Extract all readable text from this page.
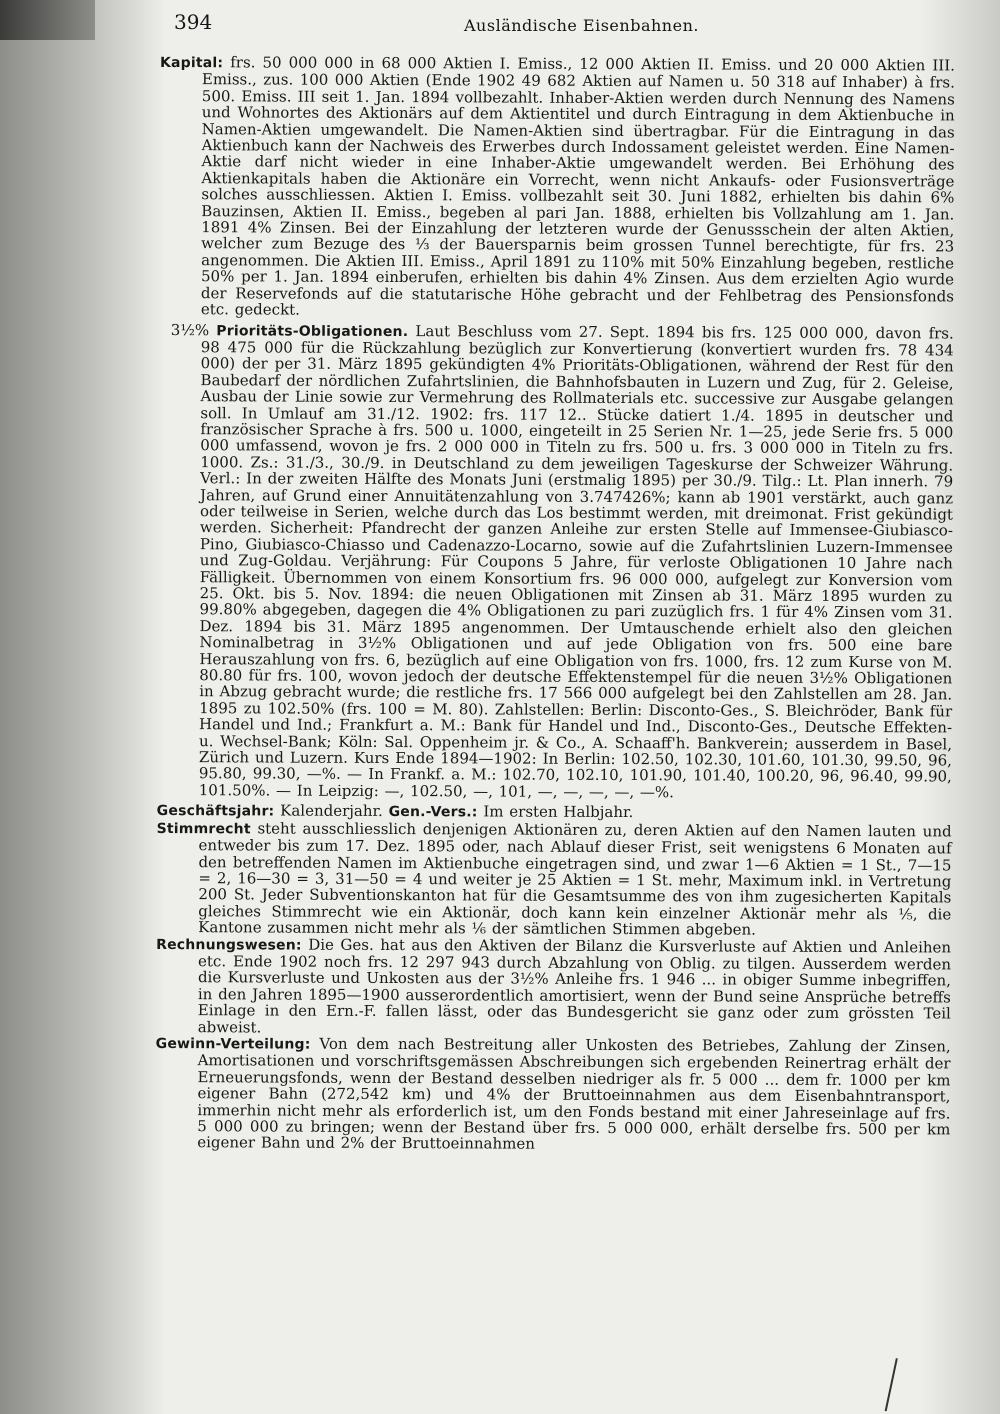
394	Ausländische Eisenbahnen.

Kapital: frs. 50 000 000 in 68 000 Aktien I. Emiss., 12 000 Aktien II. Emiss. und 20 000 Aktien III. Emiss., zus. 100 000 Aktien (Ende 1902 49 682 Aktien auf Namen u. 50 318 auf Inhaber) à frs. 500. Emiss. III seit 1. Jan. 1894 vollbezahlt. Inhaber-Aktien werden durch Nennung des Namens und Wohnortes des Aktionärs auf dem Aktientitel und durch Eintragung in dem Aktienbuche in Namen-Aktien umgewandelt. Die Namen-Aktien sind übertragbar. Für die Eintragung in das Aktienbuch kann der Nachweis des Erwerbes durch Indossament geleistet werden. Eine Namen-Aktie darf nicht wieder in eine Inhaber-Aktie umgewandelt werden. Bei Erhöhung des Aktienkapitals haben die Aktionäre ein Vorrecht, wenn nicht Ankaufs- oder Fusionsverträge solches ausschliessen. Aktien I. Emiss. vollbezahlt seit 30. Juni 1882, erhielten bis dahin 6% Bauzinsen, Aktien II. Emiss., begeben al pari Jan. 1888, erhielten bis Vollzahlung am 1. Jan. 1891 4% Zinsen. Bei der Einzahlung der letzteren wurde der Genussschein der alten Aktien, welcher zum Bezuge des ⅓ der Bauersparnis beim grossen Tunnel berechtigte, für frs. 23 angenommen. Die Aktien III. Emiss., April 1891 zu 110% mit 50% Einzahlung begeben, restliche 50% per 1. Jan. 1894 einberufen, erhielten bis dahin 4% Zinsen. Aus dem erzielten Agio wurde der Reservefonds auf die statutarische Höhe gebracht und der Fehlbetrag des Pensionsfonds etc. gedeckt.

3½% Prioritäts-Obligationen. Laut Beschluss vom 27. Sept. 1894 bis frs. 125 000 000, davon frs. 98 475 000 für die Rückzahlung bezüglich zur Konvertierung (konvertiert wurden frs. 78 434 000) der per 31. März 1895 gekündigten 4% Prioritäts-Obligationen, während der Rest für den Baubedarf der nördlichen Zufahrtslinien, die Bahnhofsbauten in Luzern und Zug, für 2. Geleise, Ausbau der Linie sowie zur Vermehrung des Rollmaterials etc. successive zur Ausgabe gelangen soll. In Umlauf am 31./12. 1902: frs. 117 12.. Stücke datiert 1./4. 1895 in deutscher und französischer Sprache à frs. 500 u. 1000, eingeteilt in 25 Serien Nr. 1—25, jede Serie frs. 5 000 000 umfassend, wovon je frs. 2 000 000 in Titeln zu frs. 500 u. frs. 3 000 000 in Titeln zu frs. 1000. Zs.: 31./3., 30./9. in Deutschland zu dem jeweiligen Tageskurse der Schweizer Währung. Verl.: In der zweiten Hälfte des Monats Juni (erstmalig 1895) per 30./9. Tilg.: Lt. Plan innerh. 79 Jahren, auf Grund einer Annuitätenzahlung von 3.747426%; kann ab 1901 verstärkt, auch ganz oder teilweise in Serien, welche durch das Los bestimmt werden, mit dreimonat. Frist gekündigt werden. Sicherheit: Pfandrecht der ganzen Anleihe zur ersten Stelle auf Immensee-Giubiasco-Pino, Giubiasco-Chiasso und Cadenazzo-Locarno, sowie auf die Zufahrtslinien Luzern-Immensee und Zug-Goldau. Verjährung: Für Coupons 5 Jahre, für verloste Obligationen 10 Jahre nach Fälligkeit. Übernommen von einem Konsortium frs. 96 000 000, aufgelegt zur Konversion vom 25. Okt. bis 5. Nov. 1894: die neuen Obligationen mit Zinsen ab 31. März 1895 wurden zu 99.80% abgegeben, dagegen die 4% Obligationen zu pari zuzüglich frs. 1 für 4% Zinsen vom 31. Dez. 1894 bis 31. März 1895 angenommen. Der Umtauschende erhielt also den gleichen Nominalbetrag in 3½% Obligationen und auf jede Obligation von frs. 500 eine bare Herauszahlung von frs. 6, bezüglich auf eine Obligation von frs. 1000, frs. 12 zum Kurse von M. 80.80 für frs. 100, wovon jedoch der deutsche Effektenstempel für die neuen 3½% Obligationen in Abzug gebracht wurde; die restliche frs. 17 566 000 aufgelegt bei den Zahlstellen am 28. Jan. 1895 zu 102.50% (frs. 100 = M. 80). Zahlstellen: Berlin: Disconto-Ges., S. Bleichröder, Bank für Handel und Ind.; Frankfurt a. M.: Bank für Handel und Ind., Disconto-Ges., Deutsche Effekten- u. Wechsel-Bank; Köln: Sal. Oppenheim jr. & Co., A. Schaaff'h. Bankverein; ausserdem in Basel, Zürich und Luzern. Kurs Ende 1894—1902: In Berlin: 102.50, 102.30, 101.60, 101.30, 99.50, 96, 95.80, 99.30, —%. — In Frankf. a. M.: 102.70, 102.10, 101.90, 101.40, 100.20, 96, 96.40, 99.90, 101.50%. — In Leipzig: —, 102.50, —, 101, —, —, —, —, —%.

Geschäftsjahr: Kalenderjahr. Gen.-Vers.: Im ersten Halbjahr.

Stimmrecht steht ausschliesslich denjenigen Aktionären zu, deren Aktien auf den Namen lauten und entweder bis zum 17. Dez. 1895 oder, nach Ablauf dieser Frist, seit wenigstens 6 Monaten auf den betreffenden Namen im Aktienbuche eingetragen sind, und zwar 1—6 Aktien = 1 St., 7—15 = 2, 16—30 = 3, 31—50 = 4 und weiter je 25 Aktien = 1 St. mehr, Maximum inkl. in Vertretung 200 St. Jeder Subventionskanton hat für die Gesamtsumme des von ihm zugesicherten Kapitals gleiches Stimmrecht wie ein Aktionär, doch kann kein einzelner Aktionär mehr als ⅕, die Kantone zusammen nicht mehr als ⅙ der sämtlichen Stimmen abgeben.

Rechnungswesen: Die Ges. hat aus den Aktiven der Bilanz die Kursverluste auf Aktien und Anleihen etc. Ende 1902 noch frs. 12 297 943 durch Abzahlung von Oblig. zu tilgen. Ausserdem werden die Kursverluste und Unkosten aus der 3½% Anleihe frs. 1 946 ... in obiger Summe inbegriffen, in den Jahren 1895—1900 ausserordentlich amortisiert, wenn der Bund seine Ansprüche betreffs Einlage in den Ern.-F. fallen lässt, oder das Bundesgericht sie ganz oder zum grössten Teil abweist.

Gewinn-Verteilung: Von dem nach Bestreitung aller Unkosten des Betriebes, Zahlung der Zinsen, Amortisationen und vorschriftsgemässen Abschreibungen sich ergebenden Reinertrag erhält der Erneuerungsfonds, wenn der Bestand desselben niedriger als fr. 5 000 ... dem fr. 1000 per km eigener Bahn (272,542 km) und 4% der Bruttoeinnahmen aus dem Eisenbahntransport, immerhin nicht mehr als erforderlich ist, um den Fonds bestand mit einer Jahreseinlage auf frs. 5 000 000 zu bringen; wenn der Bestand über frs. 5 000 000, erhält derselbe frs. 500 per km eigener Bahn und 2% der Bruttoeinnahmen
